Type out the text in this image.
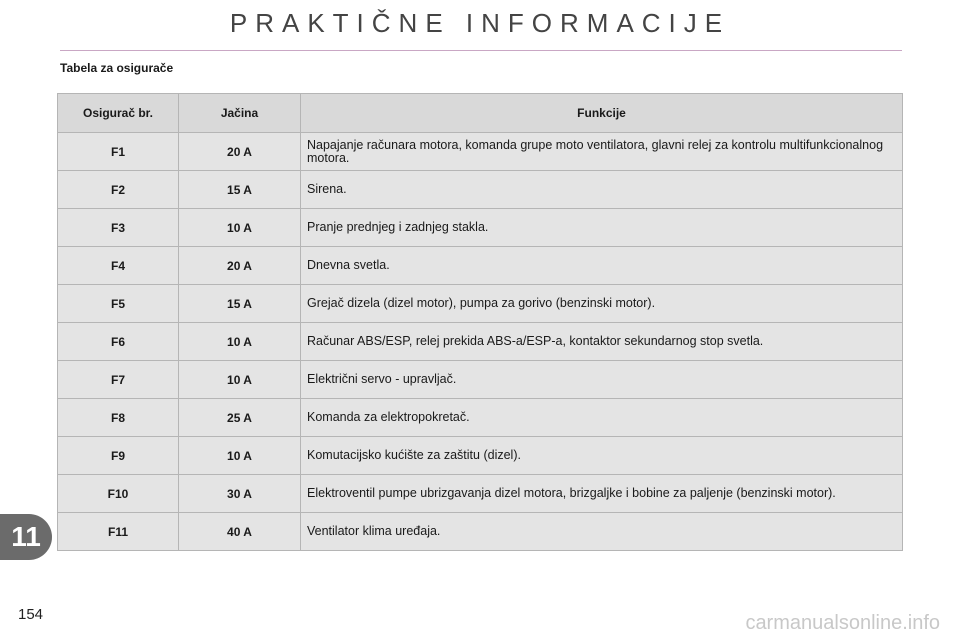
PRAKTIČNE INFORMACIJE
Tabela za osigurače
Osigurač br.	Jačina	Funkcije
F1	20 A	Napajanje računara motora, komanda grupe moto ventilatora, glavni relej za kontrolu multifunkcionalnog motora.
F2	15 A	Sirena.
F3	10 A	Pranje prednjeg i zadnjeg stakla.
F4	20 A	Dnevna svetla.
F5	15 A	Grejač dizela (dizel motor), pumpa za gorivo (benzinski motor).
F6	10 A	Računar ABS/ESP, relej prekida ABS-a/ESP-a, kontaktor sekundarnog stop svetla.
F7	10 A	Električni servo - upravljač.
F8	25 A	Komanda za elektropokretač.
F9	10 A	Komutacijsko kućište za zaštitu (dizel).
F10	30 A	Elektroventil pumpe ubrizgavanja dizel motora, brizgaljke i bobine za paljenje (benzinski motor).
F11	40 A	Ventilator klima uređaja.
11
154	carmanualsonline.info
